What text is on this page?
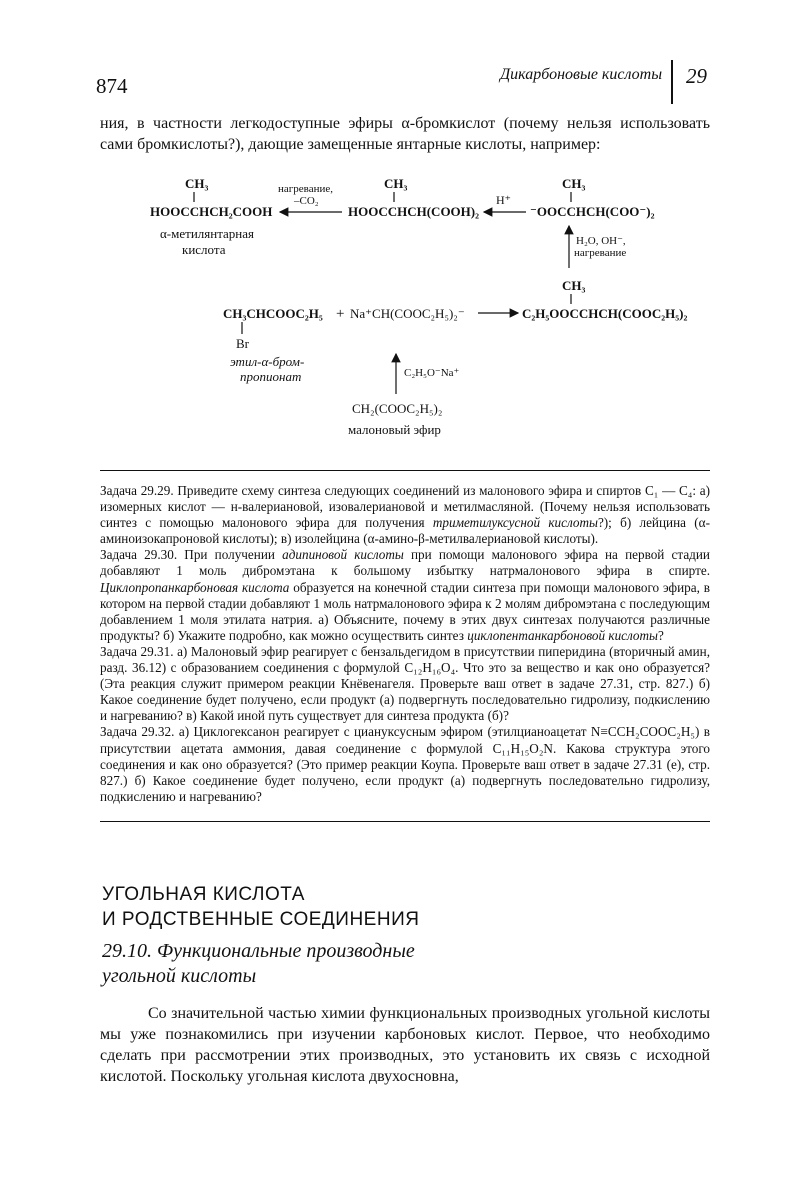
874	Дикарбоновые кислоты 29
ния, в частности легкодоступные эфиры α-бромкислот (почему нельзя использовать сами бромкислоты?), дающие замещенные янтарные кислоты, например:
CH₃
HOOCCHCH₂COOH
α-метилянтарная
кислота
нагревание,
–CO₂
CH₃
HOOCCHCH(COOH)₂
H⁺
CH₃
⁻OOCCHCH(COO⁻)₂
H₂O, OH⁻,
нагревание
CH₃CHCOOC₂H₅
Br
этил-α-бром-
пропионат
+ Na⁺CH(COOC₂H₅)₂⁻
CH₃
C₂H₅OOCCHCH(COOC₂H₅)₂
C₂H₅O⁻Na⁺
CH₂(COOC₂H₅)₂
малоновый эфир

Задача 29.29. Приведите схему синтеза следующих соединений из малонового эфира и спиртов C₁ — C₄: а) изомерных кислот — н-валериановой, изовалериановой и метилмасляной. (Почему нельзя использовать синтез с помощью малонового эфира для получения триметилуксусной кислоты?); б) лейцина (α-аминоизокапроновой кислоты); в) изолейцина (α-амино-β-метилвалериановой кислоты).

Задача 29.30. При получении адипиновой кислоты при помощи малонового эфира на первой стадии добавляют 1 моль дибромэтана к большому избытку натрмалонового эфира в спирте. Циклопропанкарбоновая кислота образуется на конечной стадии синтеза при помощи малонового эфира, в котором на первой стадии добавляют 1 моль натрмалонового эфира к 2 молям дибромэтана с последующим добавлением 1 моля этилата натрия. а) Объясните, почему в этих двух синтезах получаются различные продукты? б) Укажите подробно, как можно осуществить синтез циклопентанкарбоновой кислоты?

Задача 29.31. а) Малоновый эфир реагирует с бензальдегидом в присутствии пиперидина (вторичный амин, разд. 36.12) с образованием соединения с формулой C₁₂H₁₆O₄. Что это за вещество и как оно образуется? (Эта реакция служит примером реакции Кнёвенагеля. Проверьте ваш ответ в задаче 27.31, стр. 827.) б) Какое соединение будет получено, если продукт (а) подвергнуть последовательно гидролизу, подкислению и нагреванию? в) Какой иной путь существует для синтеза продукта (б)?

Задача 29.32. а) Циклогексанон реагирует с циануксусным эфиром (этилцианоацетат N≡CCH₂COOC₂H₅) в присутствии ацетата аммония, давая соединение с формулой C₁₁H₁₅O₂N. Какова структура этого соединения и как оно образуется? (Это пример реакции Коупа. Проверьте ваш ответ в задаче 27.31 (е), стр. 827.) б) Какое соединение будет получено, если продукт (а) подвергнуть последовательно гидролизу, подкислению и нагреванию?

УГОЛЬНАЯ КИСЛОТА
И РОДСТВЕННЫЕ СОЕДИНЕНИЯ
29.10. Функциональные производные
угольной кислоты
Со значительной частью химии функциональных производных угольной кислоты мы уже познакомились при изучении карбоновых кислот. Первое, что необходимо сделать при рассмотрении этих производных, это установить их связь с исходной кислотой. Поскольку угольная кислота двухосновна,
